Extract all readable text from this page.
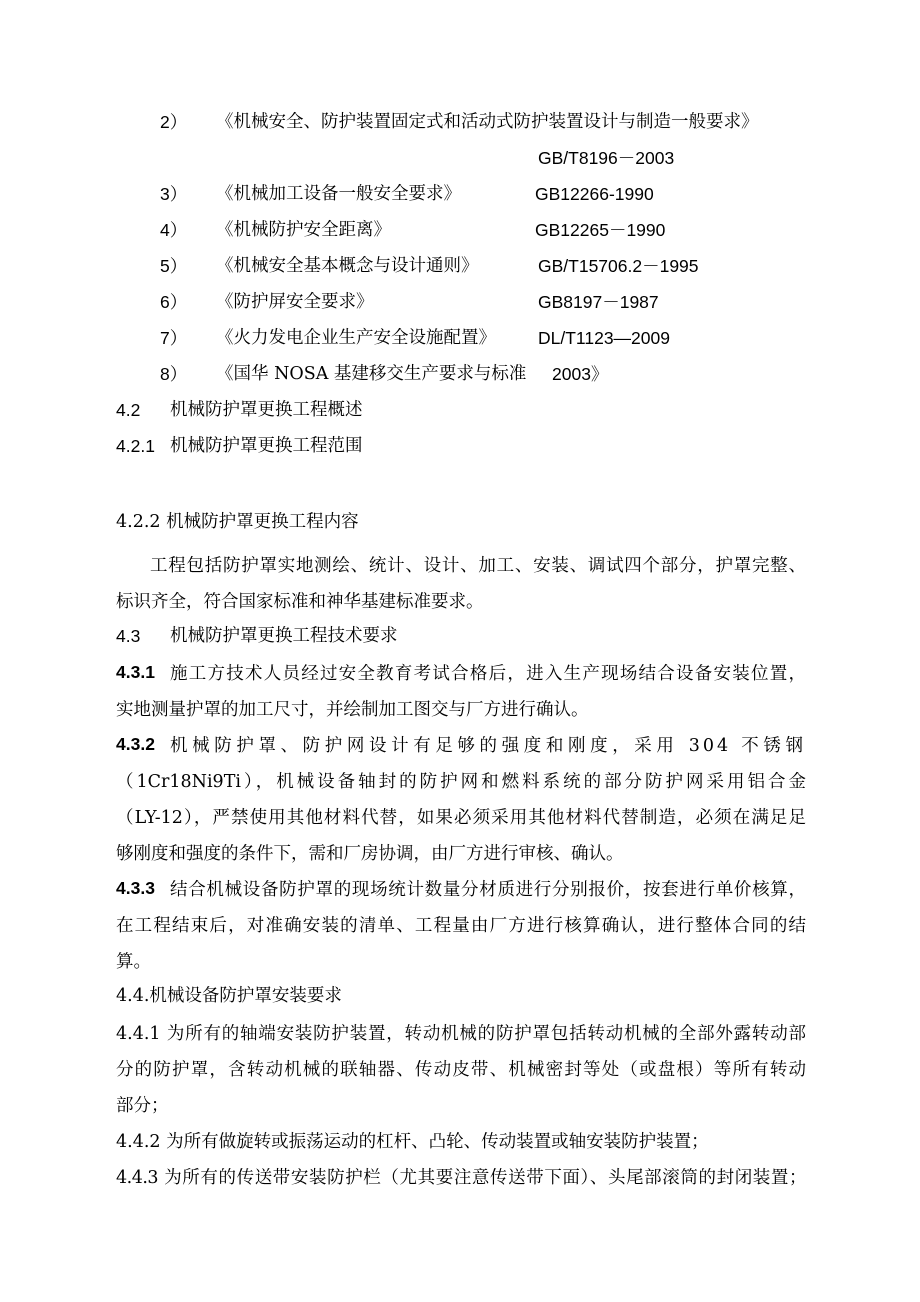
2） 《机械安全、防护装置固定式和活动式防护装置设计与制造一般要求》
GB/T8196－2003
3） 《机械加工设备一般安全要求》	GB12266-1990
4） 《机械防护安全距离》	GB12265－1990
5） 《机械安全基本概念与设计通则》	GB/T15706.2－1995
6） 《防护屏安全要求》	GB8197－1987
7） 《火力发电企业生产安全设施配置》 DL/T1123—2009
8） 《国华 NOSA 基建移交生产要求与标准 2003》
4.2 机械防护罩更换工程概述
4.2.1 机械防护罩更换工程范围
4.2.2 机械防护罩更换工程内容
工程包括防护罩实地测绘、统计、设计、加工、安装、调试四个部分，护罩完整、
标识齐全，符合国家标准和神华基建标准要求。
4.3 机械防护罩更换工程技术要求
4.3.1 施工方技术人员经过安全教育考试合格后，进入生产现场结合设备安装位置，
实地测量护罩的加工尺寸，并绘制加工图交与厂方进行确认。
4.3.2 机械防护罩、防护网设计有足够的强度和刚度，采用 304 不锈钢
（1Cr18Ni9Ti），机械设备轴封的防护网和燃料系统的部分防护网采用铝合金
（LY-12），严禁使用其他材料代替，如果必须采用其他材料代替制造，必须在满足足
够刚度和强度的条件下，需和厂房协调，由厂方进行审核、确认。
4.3.3 结合机械设备防护罩的现场统计数量分材质进行分别报价，按套进行单价核算，
在工程结束后，对准确安装的清单、工程量由厂方进行核算确认，进行整体合同的结
算。
4.4.机械设备防护罩安装要求
4.4.1 为所有的轴端安装防护装置，转动机械的防护罩包括转动机械的全部外露转动部
分的防护罩，含转动机械的联轴器、传动皮带、机械密封等处（或盘根）等所有转动
部分；
4.4.2 为所有做旋转或振荡运动的杠杆、凸轮、传动装置或轴安装防护装置；
4.4.3 为所有的传送带安装防护栏（尤其要注意传送带下面）、头尾部滚筒的封闭装置；
